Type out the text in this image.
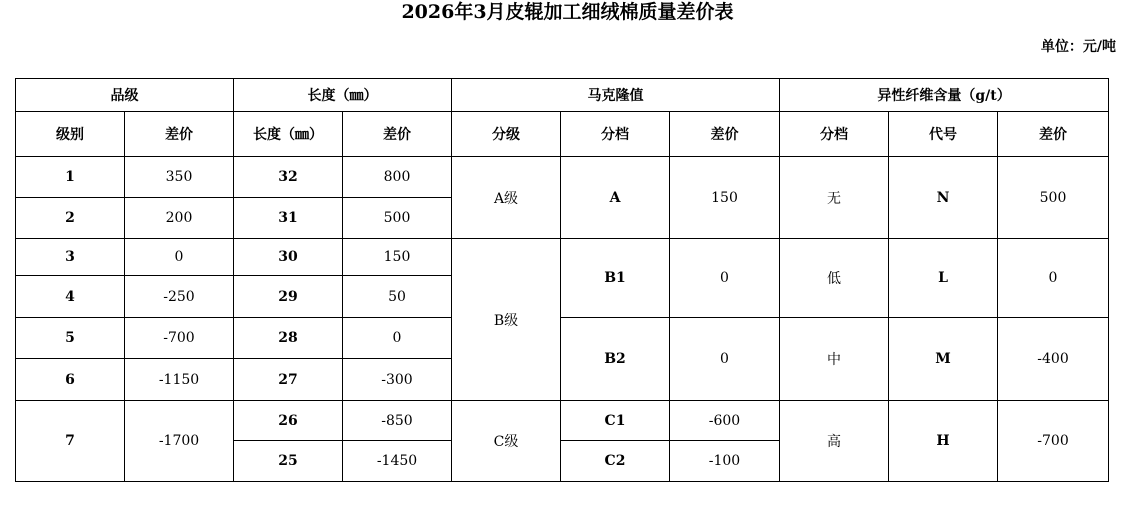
2026年3月皮辊加工细绒棉质量差价表
单位：元/吨
品级		长度（㎜）		马克隆值			异性纤维含量（g/t）		
级别	差价	长度（㎜）	差价	分级	分档	差价	分档	代号	差价
1	350	32	800	A级	A	150	无	N	500
2	200	31	500						
3	0	30	150	B级	B1	0	低	L	0
4	-250	29	50						
5	-700	28	0		B2	0	中	M	-400
6	-1150	27	-300						
7	-1700	26	-850	C级	C1	-600	高	H	-700
		25	-1450		C2	-100			
